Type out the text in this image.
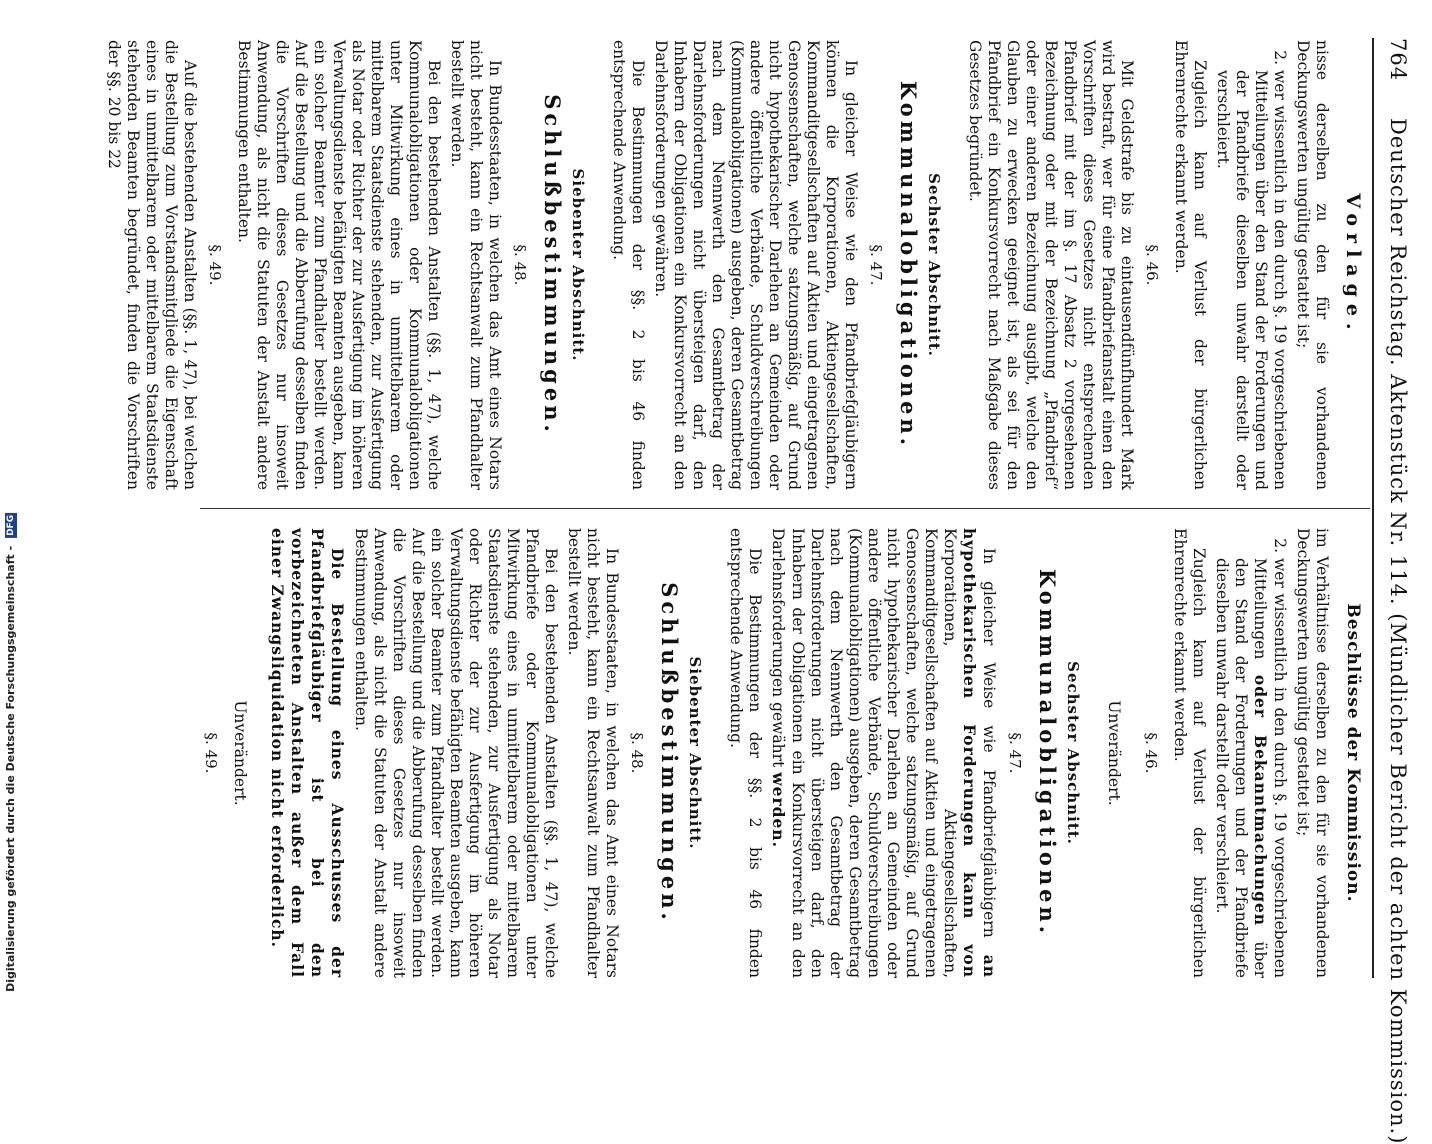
764
Deutscher Reichstag. Aktenstück Nr. 114. (Mündlicher Bericht der achten Kommission.)
Vorlage.

nisse derselben zu den für sie vorhandenen Deckungswerten ungültig gestattet ist;

2. wer wissentlich in den durch §. 19 vorgeschriebenen Mitteilungen über den Stand der Forderungen und der Pfandbriefe dieselben unwahr darstellt oder verschleiert.

Zugleich kann auf Verlust der bürgerlichen Ehrenrechte erkannt werden.

§. 46.

Mit Geldstrafe bis zu eintausendfünfhundert Mark wird bestraft, wer für eine Pfandbriefanstalt einen den Vorschriften dieses Gesetzes nicht entsprechenden Pfandbrief mit der im §. 17 Absatz 2 vorgesehenen Bezeichnung oder mit der Bezeichnung „Pfandbrief“ oder einer anderen Bezeichnung ausgibt, welche den Glauben zu erwecken geeignet ist, als sei für den Pfandbrief ein Konkursvorrecht nach Maßgabe dieses Gesetzes begründet.

Sechster Abschnitt.
Kommunalobligationen.
§. 47.

In gleicher Weise wie den Pfandbriefgläubigern können die Korporationen, Aktiengesellschaften, Kommanditgesellschaften auf Aktien und eingetragenen Genossenschaften, welche satzungsmäßig, auf Grund nicht hypothekarischer Darlehen an Gemeinden oder andere öffentliche Verbände, Schuldverschreibungen (Kommunalobligationen) ausgeben, deren Gesamtbetrag nach dem Nennwerth den Gesamtbetrag der Darlehnsforderungen nicht übersteigen darf, den Inhabern der Obligationen ein Konkursvorrecht an den Darlehnsforderungen gewähren.

Die Bestimmungen der §§. 2 bis 46 finden entsprechende Anwendung.

Siebenter Abschnitt.
Schlußbestimmungen.
§. 48.

In Bundesstaaten, in welchen das Amt eines Notars nicht besteht, kann ein Rechtsanwalt zum Pfandhalter bestellt werden.

Bei den bestehenden Anstalten (§§. 1, 47), welche Kommunalobligationen oder Kommunalobligationen unter Mitwirkung eines in unmittelbarem oder mittelbarem Staatsdienste stehenden, zur Ausfertigung als Notar oder Richter der zur Ausfertigung im höheren Verwaltungsdienste befähigten Beamten ausgeben, kann ein solcher Beamter zum Pfandhalter bestellt werden. Auf die Bestellung und die Abberufung desselben finden die Vorschriften dieses Gesetzes nur insoweit Anwendung, als nicht die Statuten der Anstalt andere Bestimmungen enthalten.

§. 49.

Auf die bestehenden Anstalten (§§. 1, 47), bei welchen die Bestellung zum Vorstandsmitgliede die Eigenschaft eines in unmittelbarem oder mittelbarem Staatsdienste stehenden Beamten begründet, finden die Vorschriften der §§. 20 bis 22

Beschlüsse der Kommission.

im Verhältnisse derselben zu den für sie vorhandenen Deckungswerten ungültig gestattet ist;

2. wer wissentlich in den durch §. 19 vorgeschriebenen Mitteilungen oder Bekanntmachungen über den Stand der Forderungen und der Pfandbriefe dieselben unwahr darstellt oder verschleiert.

Zugleich kann auf Verlust der bürgerlichen Ehrenrechte erkannt werden.

§. 46.
Unverändert.
Sechster Abschnitt.
Kommunalobligationen.
§. 47.

In gleicher Weise wie Pfandbriefgläubigern an hypothekarischen Forderungen kann von Korporationen, Aktiengesellschaften, Kommanditgesellschaften auf Aktien und eingetragenen Genossenschaften, welche satzungsmäßig, auf Grund nicht hypothekarischer Darlehen an Gemeinden oder andere öffentliche Verbände, Schuldverschreibungen (Kommunalobligationen) ausgeben, deren Gesamtbetrag nach dem Nennwerth den Gesamtbetrag der Darlehnsforderungen nicht übersteigen darf, den Inhabern der Obligationen ein Konkursvorrecht an den Darlehnsforderungen gewährt werden.

Die Bestimmungen der §§. 2 bis 46 finden entsprechende Anwendung.

Siebenter Abschnitt.
Schlußbestimmungen.
§. 48.

In Bundesstaaten, in welchen das Amt eines Notars nicht besteht, kann ein Rechtsanwalt zum Pfandhalter bestellt werden.

Bei den bestehenden Anstalten (§§. 1, 47), welche Pfandbriefe oder Kommunalobligationen unter Mitwirkung eines in unmittelbarem oder mittelbarem Staatsdienste stehenden, zur Ausfertigung als Notar oder Richter der zur Ausfertigung im höheren Verwaltungsdienste befähigten Beamten ausgeben, kann ein solcher Beamter zum Pfandhalter bestellt werden. Auf die Bestellung und die Abberufung desselben finden die Vorschriften dieses Gesetzes nur insoweit Anwendung, als nicht die Statuten der Anstalt andere Bestimmungen enthalten.

Die Bestellung eines Ausschusses der Pfandbriefgläubiger ist bei den vorbezeichneten Anstalten außer dem Fall einer Zwangsliquidation nicht erforderlich.

Unverändert.
§. 49.
Digitalisierung gefördert durch die Deutsche Forschungsgemeinschaft - DFG
